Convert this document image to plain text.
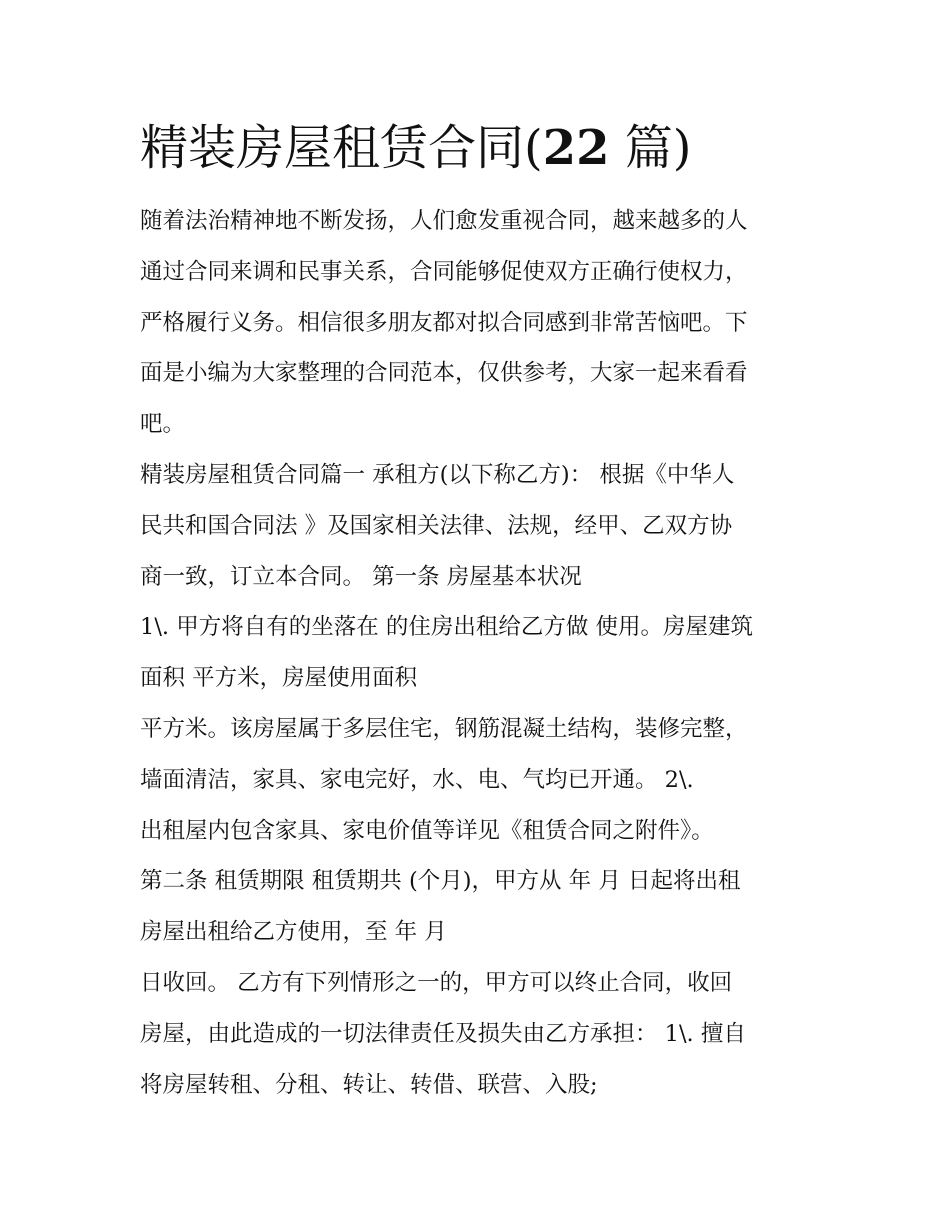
精装房屋租赁合同(22 篇)
随着法治精神地不断发扬，人们愈发重视合同，越来越多的人
通过合同来调和民事关系，合同能够促使双方正确行使权力，
严格履行义务。相信很多朋友都对拟合同感到非常苦恼吧。下
面是小编为大家整理的合同范本，仅供参考，大家一起来看看
吧。
精装房屋租赁合同篇一 承租方(以下称乙方)： 根据《中华人
民共和国合同法 》及国家相关法律、法规，经甲、乙双方协
商一致，订立本合同。 第一条 房屋基本状况
1\. 甲方将自有的坐落在 的住房出租给乙方做 使用。房屋建筑
面积 平方米，房屋使用面积
平方米。该房屋属于多层住宅，钢筋混凝土结构，装修完整，
墙面清洁，家具、家电完好，水、电、气均已开通。 2\.
出租屋内包含家具、家电价值等详见《租赁合同之附件》。
第二条 租赁期限 租赁期共 (个月)，甲方从 年 月 日起将出租
房屋出租给乙方使用，至 年 月
日收回。 乙方有下列情形之一的，甲方可以终止合同，收回
房屋，由此造成的一切法律责任及损失由乙方承担： 1\. 擅自
将房屋转租、分租、转让、转借、联营、入股;
